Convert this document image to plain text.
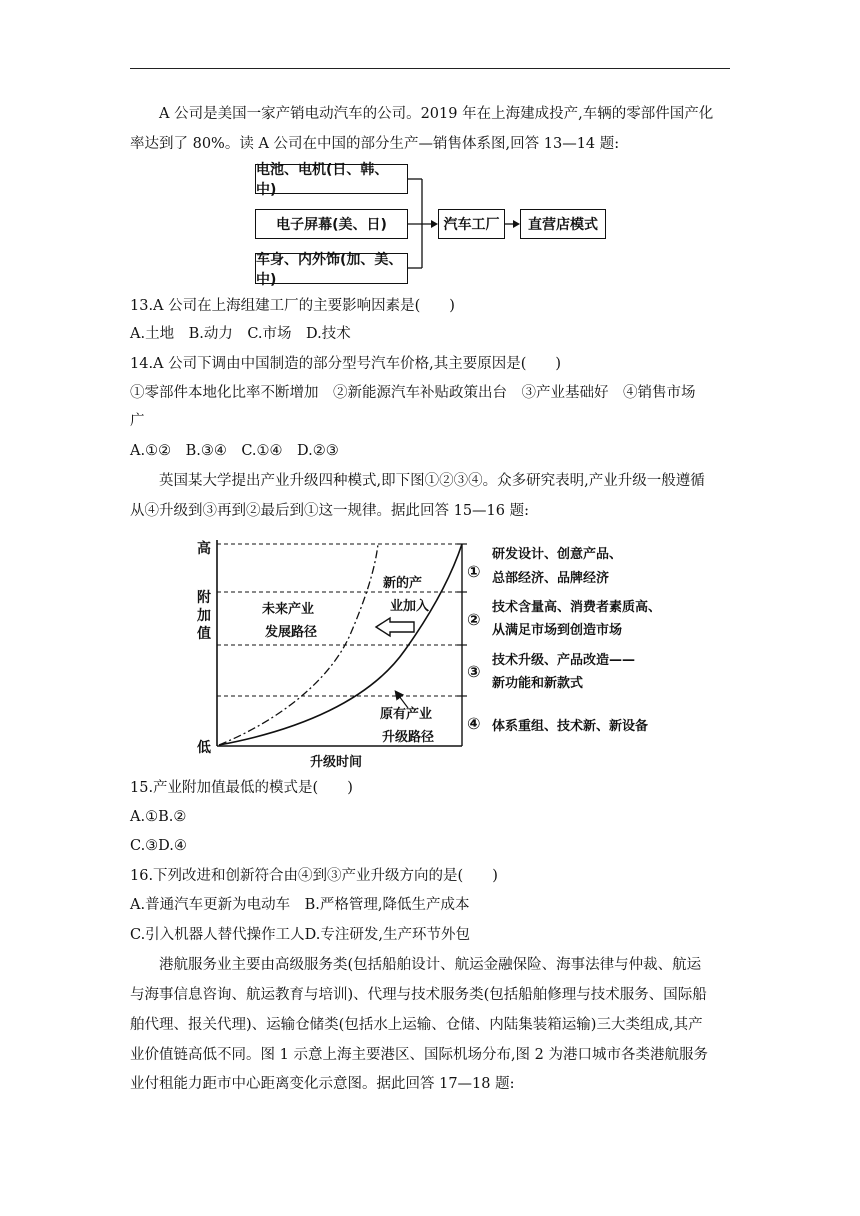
A 公司是美国一家产销电动汽车的公司。2019 年在上海建成投产,车辆的零部件国产化
率达到了 80%。读 A 公司在中国的部分生产—销售体系图,回答 13—14 题:
电池、电机(日、韩、中)
电子屏幕(美、日)
车身、内外饰(加、美、中)
汽车工厂	直营店模式
13.A 公司在上海组建工厂的主要影响因素是(　　)
A.土地　B.动力　C.市场　D.技术
14.A 公司下调由中国制造的部分型号汽车价格,其主要原因是(　　)
①零部件本地化比率不断增加　②新能源汽车补贴政策出台　③产业基础好　④销售市场
广
A.①②　B.③④　C.①④　D.②③
英国某大学提出产业升级四种模式,即下图①②③④。众多研究表明,产业升级一般遵循
从④升级到③再到②最后到①这一规律。据此回答 15—16 题:
高
附
加
值
低
升级时间
未来产业
发展路径
新的产
业加入
原有产业
升级路径
①
②
③
④
研发设计、创意产品、
总部经济、品牌经济
技术含量高、消费者素质高、
从满足市场到创造市场
技术升级、产品改造——
新功能和新款式
体系重组、技术新、新设备
15.产业附加值最低的模式是(　　)
A.①B.②
C.③D.④
16.下列改进和创新符合由④到③产业升级方向的是(　　)
A.普通汽车更新为电动车　B.严格管理,降低生产成本
C.引入机器人替代操作工人D.专注研发,生产环节外包
港航服务业主要由高级服务类(包括船舶设计、航运金融保险、海事法律与仲裁、航运
与海事信息咨询、航运教育与培训)、代理与技术服务类(包括船舶修理与技术服务、国际船
舶代理、报关代理)、运输仓储类(包括水上运输、仓储、内陆集装箱运输)三大类组成,其产
业价值链高低不同。图 1 示意上海主要港区、国际机场分布,图 2 为港口城市各类港航服务
业付租能力距市中心距离变化示意图。据此回答 17—18 题:
